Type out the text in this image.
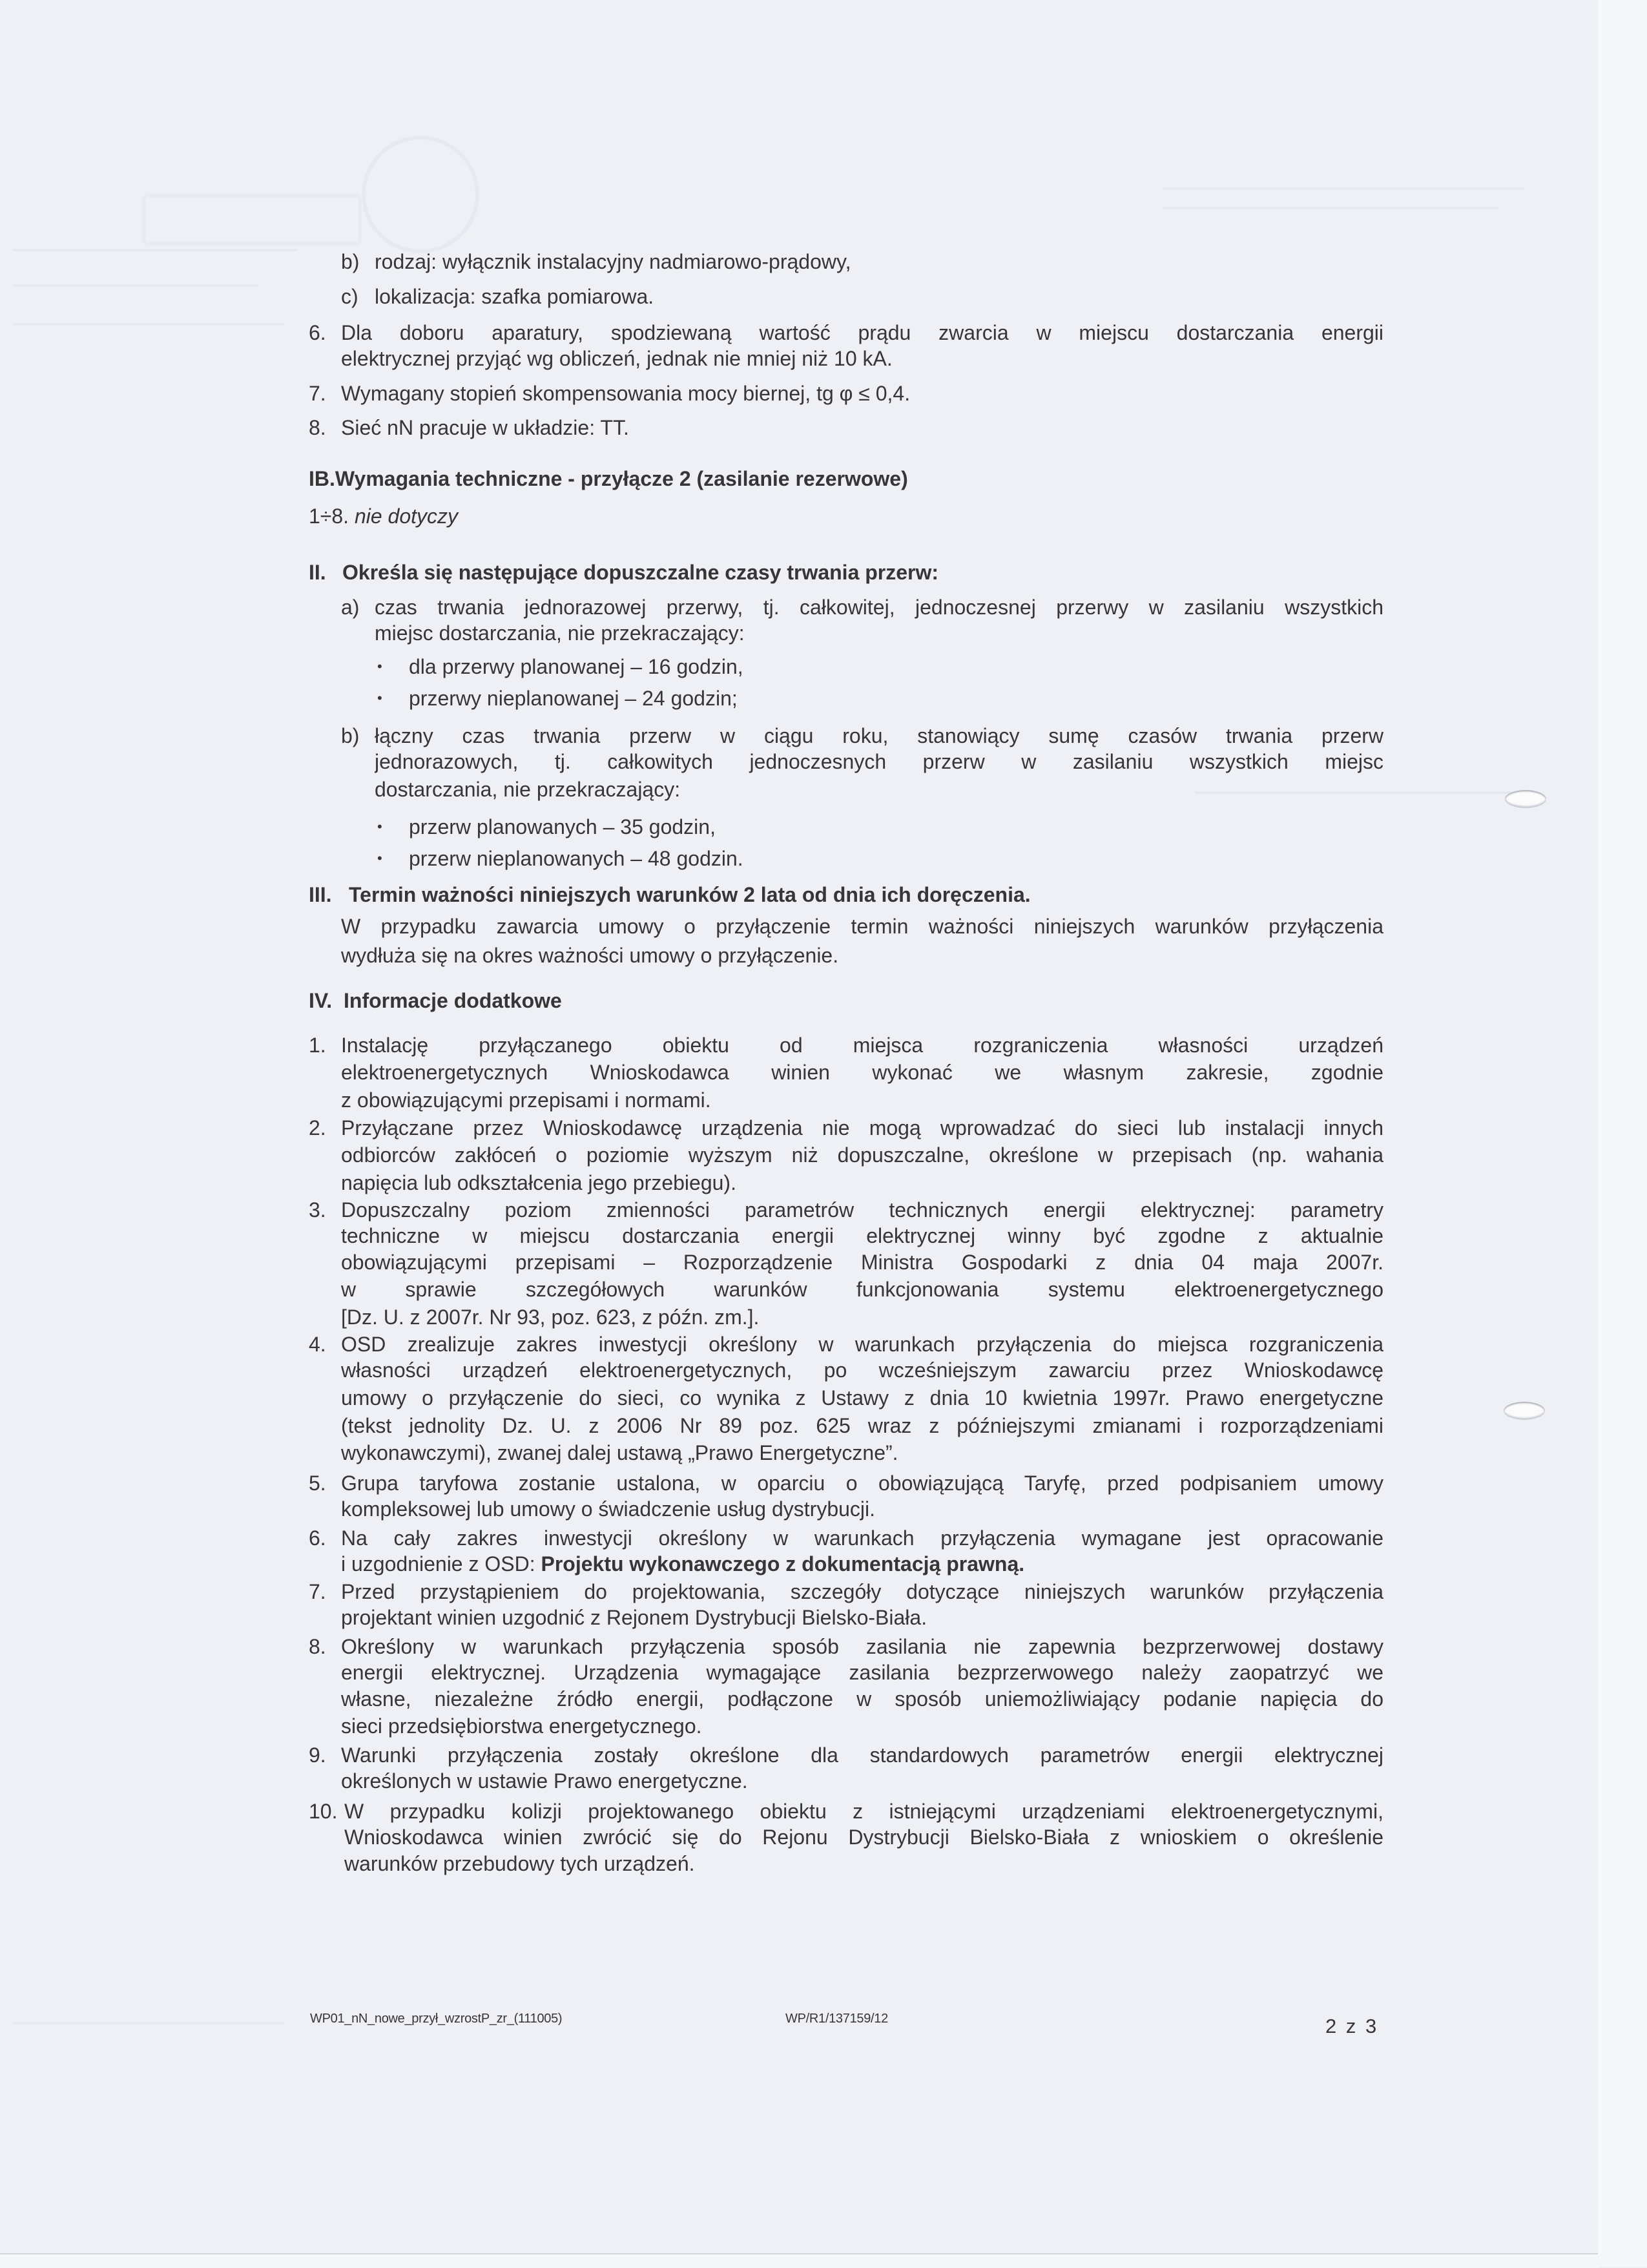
b) rodzaj: wyłącznik instalacyjny nadmiarowo-prądowy,
c) lokalizacja: szafka pomiarowa.
6. Dla doboru aparatury, spodziewaną wartość prądu zwarcia w miejscu dostarczania energii
elektrycznej przyjąć wg obliczeń, jednak nie mniej niż 10 kA.
7. Wymagany stopień skompensowania mocy biernej, tg φ ≤ 0,4.
8. Sieć nN pracuje w układzie: TT.
IB.Wymagania techniczne - przyłącze 2 (zasilanie rezerwowe)
1÷8. nie dotyczy
II. Określa się następujące dopuszczalne czasy trwania przerw:
a) czas trwania jednorazowej przerwy, tj. całkowitej, jednoczesnej przerwy w zasilaniu wszystkich
miejsc dostarczania, nie przekraczający:
• dla przerwy planowanej – 16 godzin,
• przerwy nieplanowanej – 24 godzin;
b) łączny czas trwania przerw w ciągu roku, stanowiący sumę czasów trwania przerw
jednorazowych, tj. całkowitych jednoczesnych przerw w zasilaniu wszystkich miejsc
dostarczania, nie przekraczający:
• przerw planowanych – 35 godzin,
• przerw nieplanowanych – 48 godzin.
III. Termin ważności niniejszych warunków 2 lata od dnia ich doręczenia.
W przypadku zawarcia umowy o przyłączenie termin ważności niniejszych warunków przyłączenia
wydłuża się na okres ważności umowy o przyłączenie.
IV. Informacje dodatkowe
1. Instalację przyłączanego obiektu od miejsca rozgraniczenia własności urządzeń
elektroenergetycznych Wnioskodawca winien wykonać we własnym zakresie, zgodnie
z obowiązującymi przepisami i normami.
2. Przyłączane przez Wnioskodawcę urządzenia nie mogą wprowadzać do sieci lub instalacji innych
odbiorców zakłóceń o poziomie wyższym niż dopuszczalne, określone w przepisach (np. wahania
napięcia lub odkształcenia jego przebiegu).
3. Dopuszczalny poziom zmienności parametrów technicznych energii elektrycznej: parametry
techniczne w miejscu dostarczania energii elektrycznej winny być zgodne z aktualnie
obowiązującymi przepisami – Rozporządzenie Ministra Gospodarki z dnia 04 maja 2007r.
w sprawie szczegółowych warunków funkcjonowania systemu elektroenergetycznego
[Dz. U. z 2007r. Nr 93, poz. 623, z późn. zm.].
4. OSD zrealizuje zakres inwestycji określony w warunkach przyłączenia do miejsca rozgraniczenia
własności urządzeń elektroenergetycznych, po wcześniejszym zawarciu przez Wnioskodawcę
umowy o przyłączenie do sieci, co wynika z Ustawy z dnia 10 kwietnia 1997r. Prawo energetyczne
(tekst jednolity Dz. U. z 2006 Nr 89 poz. 625 wraz z późniejszymi zmianami i rozporządzeniami
wykonawczymi), zwanej dalej ustawą „Prawo Energetyczne”.
5. Grupa taryfowa zostanie ustalona, w oparciu o obowiązującą Taryfę, przed podpisaniem umowy
kompleksowej lub umowy o świadczenie usług dystrybucji.
6. Na cały zakres inwestycji określony w warunkach przyłączenia wymagane jest opracowanie
i uzgodnienie z OSD: Projektu wykonawczego z dokumentacją prawną.
7. Przed przystąpieniem do projektowania, szczegóły dotyczące niniejszych warunków przyłączenia
projektant winien uzgodnić z Rejonem Dystrybucji Bielsko-Biała.
8. Określony w warunkach przyłączenia sposób zasilania nie zapewnia bezprzerwowej dostawy
energii elektrycznej. Urządzenia wymagające zasilania bezprzerwowego należy zaopatrzyć we
własne, niezależne źródło energii, podłączone w sposób uniemożliwiający podanie napięcia do
sieci przedsiębiorstwa energetycznego.
9. Warunki przyłączenia zostały określone dla standardowych parametrów energii elektrycznej
określonych w ustawie Prawo energetyczne.
10. W przypadku kolizji projektowanego obiektu z istniejącymi urządzeniami elektroenergetycznymi,
Wnioskodawca winien zwrócić się do Rejonu Dystrybucji Bielsko-Biała z wnioskiem o określenie
warunków przebudowy tych urządzeń.
WP01_nN_nowe_przył_wzrostP_zr_(111005)	WP/R1/137159/12	2 z 3
